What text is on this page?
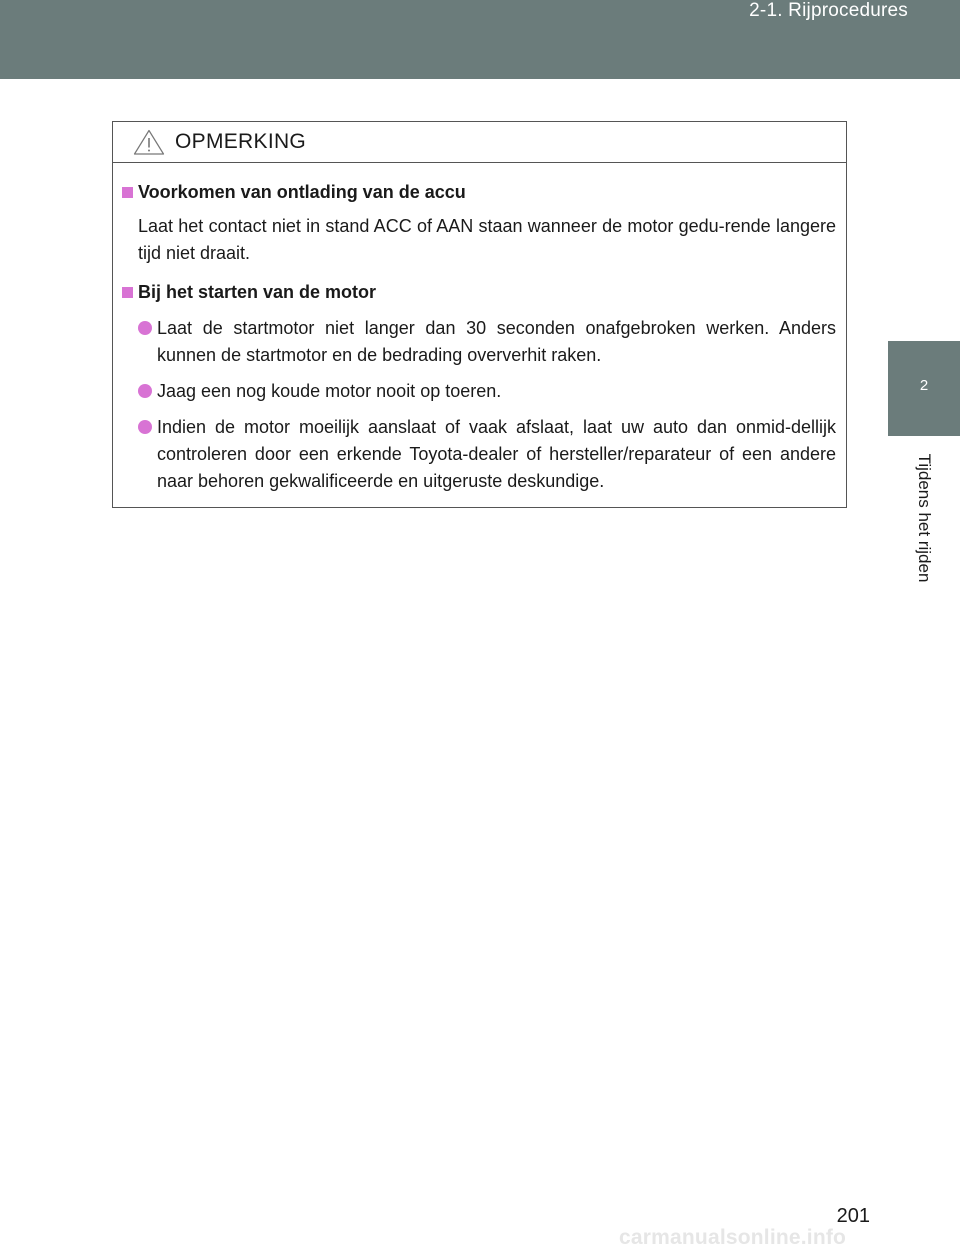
2-1. Rijprocedures
2
Tijdens het rijden
OPMERKING
Voorkomen van ontlading van de accu
Laat het contact niet in stand ACC of AAN staan wanneer de motor gedu-rende langere tijd niet draait.
Bij het starten van de motor
Laat de startmotor niet langer dan 30 seconden onafgebroken werken. Anders kunnen de startmotor en de bedrading oververhit raken.
Jaag een nog koude motor nooit op toeren.
Indien de motor moeilijk aanslaat of vaak afslaat, laat uw auto dan onmid-dellijk controleren door een erkende Toyota-dealer of hersteller/reparateur of een andere naar behoren gekwalificeerde en uitgeruste deskundige.
201
carmanualsonline.info
